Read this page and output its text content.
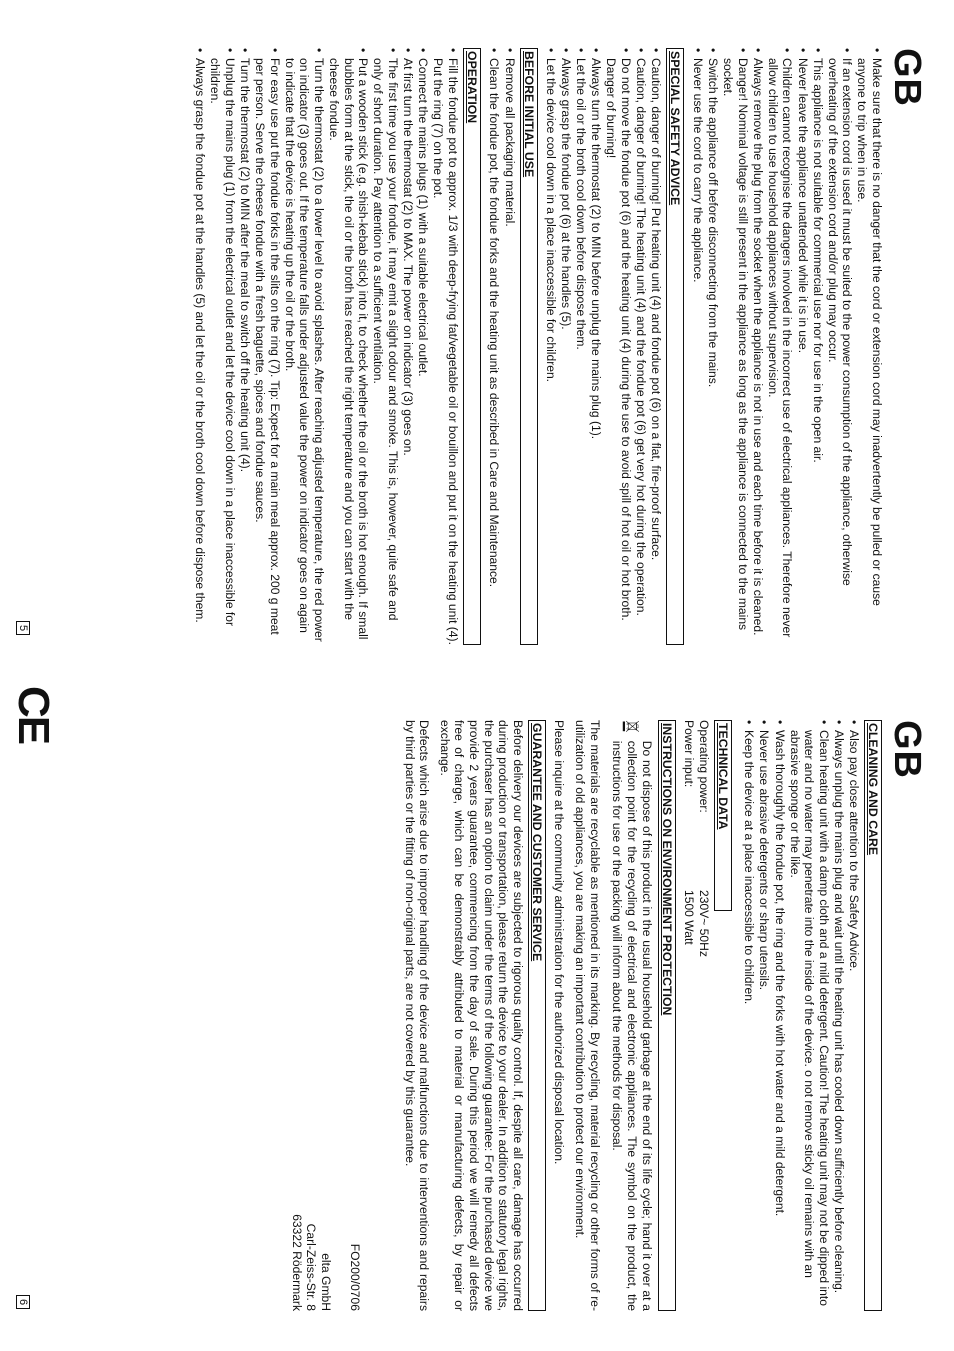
GB
• Make sure that there is no danger that the cord or extension cord may inadvertently be pulled or cause anyone to trip when in use.
• If an extension cord is used it must be suited to the power consumption of the appliance, otherwise overheating of the extension cord and/or plug may occur.
• This appliance is not suitable for commercial use nor for use in the open air.
• Never leave the appliance unattended while it is in use.
• Children cannot recognise the dangers involved in the incorrect use of electrical appliances. Therefore never allow children to use household appliances without supervision.
• Always remove the plug from the socket when the appliance is not in use and each time before it is cleaned.
• Danger! Nominal voltage is still present in the appliance as long as the appliance is connected to the mains socket.
• Switch the appliance off before disconnecting from the mains.
• Never use the cord to carry the appliance.
SPECIAL SAFETY ADVICE
• Caution, danger of burning! Put heating unit (4) and fondue pot (6) on a flat, fire-proof surface.
• Caution, danger of burning! The heating unit (4) and the fondue pot (6) get very hot during the operation.
• Do not move the fondue pot (6) and the heating unit (4) during the use to avoid spill of hot oil or hot broth. Danger of burning!
• Always turn the thermostat (2) to MIN before unplug the mains plug (1).
• Let the oil or the broth cool down before dispose them.
• Always grasp the fondue pot (6) at the handles (5).
• Let the device cool down in a place inaccessible for children.
BEFORE INITIAL USE
• Remove all packaging material.
• Clean the fondue pot, the fondue forks and the heating unit as described in Care and Maintenance.
OPERATION
• Fill the fondue pot to approx. 1/3 with deep-frying fat/vegetable oil or bouillon and put it on the heating unit (4). Put the ring (7) on the pot.
• Connect the mains plugs (1) with a suitable electrical outlet.
• At first turn the thermostat (2) to MAX. The power on indicator (3) goes on.
• The first time you use your fondue, it may emit a slight odour and smoke. This is, however, quite safe and only of short duration. Pay attention to a sufficient ventilation.
• Put a wooden stick (e.g. shish-kebab stick) into it, to check whether the oil or the broth is hot enough. If small bubbles form at the stick, the oil or the broth has reached the right temperature and you can start with the cheese fondue.
• Turn the thermostat (2) to a lower level to avoid splashes. After reaching adjusted temperature, the red power on indicator (3) goes out. If the temperature falls under adjusted value the power on indicator goes on again to indicate that the device is heating up the oil or the broth.
• For easy use put the fondue forks in the slits on the ring (7). Tip: Expect for a main meal approx. 200 g meat per person. Serve the cheese fondue with a fresh baguette, spices and fondue sauces.
• Turn the thermostat (2) to MIN after the meal to switch off the heating unit (4).
• Unplug the mains plug (1) from the electrical outlet and let the device cool down in a place inaccessible for children.
• Always grasp the fondue pot at the handles (5) and let the oil or the broth cool down before dispose them.
5
GB
CLEANING AND CARE
• Also pay close attention to the Safety Advice.
• Always unplug the mains plug and wait until the heating unit has cooled down sufficiently before cleaning.
• Clean heating unit with a damp cloth and a mild detergent. Caution! The heating unit may not be dipped into water and no water may penetrate into the inside of the device. o not remove sticky oil remains with an abrasive sponge or the like.
• Wash thoroughly the fondue pot, the ring and the forks with hot water and a mild detergent.
• Never use abrasive detergents or sharp utensils.
• Keep the device at a place inaccessible to children.
TECHNICAL DATA
Operating power:
230V~ 50Hz
Power input:
1500 Watt
INSTRUCTIONS ON ENVIRONMENT PROTECTION

Do not dispose of this product in the usual household garbage at the end of its life cycle; hand it over at a collection point for the recycling of electrical and electronic appliances. The symbol on the product, the instructions for use or the packing will inform about the methods for disposal.

The materials are recyclable as mentioned in its marking. By recycling, material recycling or other forms of re-utilization of old appliances, you are making an important contribution to protect our environment.

Please inquire at the community administration for the authorized disposal location.

GUARANTEE AND CUSTOMER SERVICE

Before delivery our devices are subjected to rigorous quality control. If, despite all care, damage has occurred during production or transportation, please return the device to your dealer. In addition to statutory legal rights, the purchaser has an option to claim under the terms of the following guarantee: For the purchased device we provide 2 years guarantee, commencing from the day of sale. During this period we will remedy all defects free of charge, which can be demonstrably attributed to material or manufacturing defects, by repair or exchange.

Defects which arise due to improper handling of the device and malfunctions due to interventions and repairs by third parties or the fitting of non-original parts, are not covered by this guarantee.

FO200/0706

elta GmbH
Carl-Zeiss-Str. 8
63322 Rödermark
CE
6
